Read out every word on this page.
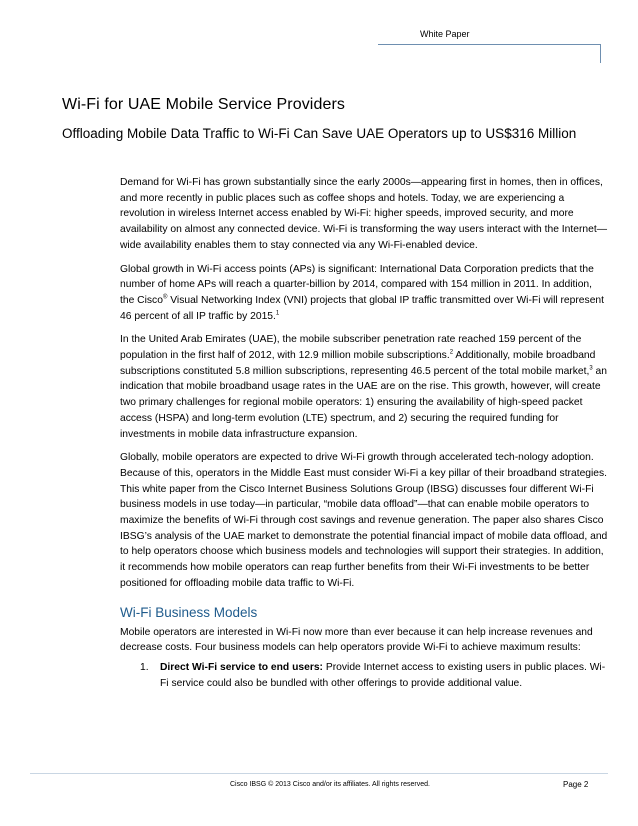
White Paper
Wi-Fi for UAE Mobile Service Providers
Offloading Mobile Data Traffic to Wi-Fi Can Save UAE Operators up to US$316 Million

Demand for Wi-Fi has grown substantially since the early 2000s—appearing first in homes, then in offices, and more recently in public places such as coffee shops and hotels. Today, we are experiencing a revolution in wireless Internet access enabled by Wi-Fi: higher speeds, improved security, and more availability on almost any connected device. Wi-Fi is transforming the way users interact with the Internet—wide availability enables them to stay connected via any Wi-Fi-enabled device.

Global growth in Wi-Fi access points (APs) is significant: International Data Corporation predicts that the number of home APs will reach a quarter-billion by 2014, compared with 154 million in 2011. In addition, the Cisco® Visual Networking Index (VNI) projects that global IP traffic transmitted over Wi-Fi will represent 46 percent of all IP traffic by 2015.$^1$

In the United Arab Emirates (UAE), the mobile subscriber penetration rate reached 159 percent of the population in the first half of 2012, with 12.9 million mobile subscriptions.$^2$ Additionally, mobile broadband subscriptions constituted 5.8 million subscriptions, representing 46.5 percent of the total mobile market,$^3$ an indication that mobile broadband usage rates in the UAE are on the rise. This growth, however, will create two primary challenges for regional mobile operators: 1) ensuring the availability of high-speed packet access (HSPA) and long-term evolution (LTE) spectrum, and 2) securing the required funding for investments in mobile data infrastructure expansion.

Globally, mobile operators are expected to drive Wi-Fi growth through accelerated tech-nology adoption. Because of this, operators in the Middle East must consider Wi-Fi a key pillar of their broadband strategies. This white paper from the Cisco Internet Business Solutions Group (IBSG) discusses four different Wi-Fi business models in use today—in particular, “mobile data offload”—that can enable mobile operators to maximize the benefits of Wi-Fi through cost savings and revenue generation. The paper also shares Cisco IBSG’s analysis of the UAE market to demonstrate the potential financial impact of mobile data offload, and to help operators choose which business models and technologies will support their strategies. In addition, it recommends how mobile operators can reap further benefits from their Wi-Fi investments to be better positioned for offloading mobile data traffic to Wi-Fi.

Wi-Fi Business Models

Mobile operators are interested in Wi-Fi now more than ever because it can help increase revenues and decrease costs. Four business models can help operators provide Wi-Fi to achieve maximum results:

1. Direct Wi-Fi service to end users: Provide Internet access to existing users in public places. Wi-Fi service could also be bundled with other offerings to provide additional value.
Cisco IBSG © 2013 Cisco and/or its affiliates. All rights reserved.	Page 2
